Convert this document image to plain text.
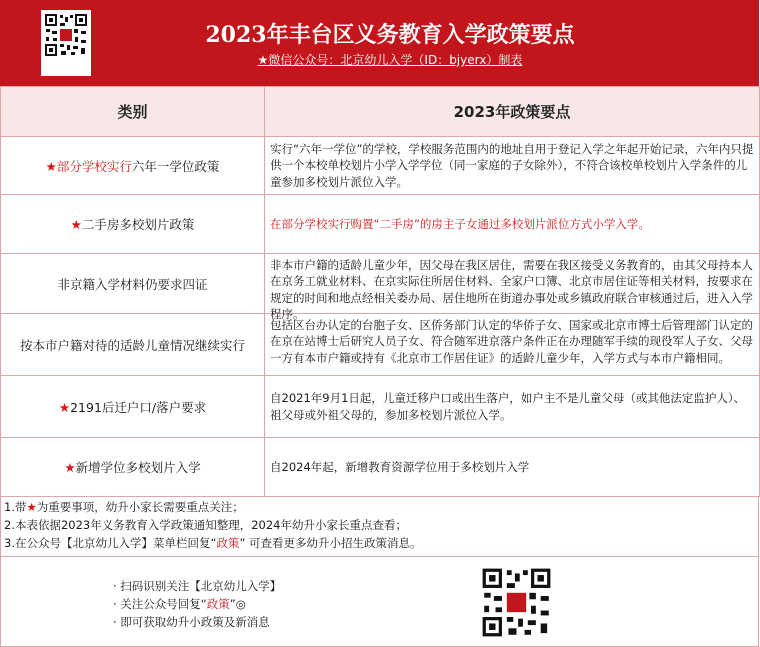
2023年丰台区义务教育入学政策要点
★微信公众号：北京幼儿入学（ID：bjyerx）制表
类别	2023年政策要点
★部分学校实行六年一学位政策	实行“六年一学位”的学校，学校服务范围内的地址自用于登记入学之年起开始记录，六年内只提供一个本校单校划片小学入学学位（同一家庭的子女除外），不符合该校单校划片入学条件的儿童参加多校划片派位入学。
★二手房多校划片政策	在部分学校实行购置“二手房”的房主子女通过多校划片派位方式小学入学。
非京籍入学材料仍要求四证	非本市户籍的适龄儿童少年，因父母在我区居住，需要在我区接受义务教育的，由其父母持本人在京务工就业材料、在京实际住所居住材料、全家户口簿、北京市居住证等相关材料，按要求在规定的时间和地点经相关委办局、居住地所在街道办事处或乡镇政府联合审核通过后，进入入学程序。

按本市户籍对待的适龄儿童情况继续实行	包括区台办认定的台胞子女、区侨务部门认定的华侨子女、国家或北京市博士后管理部门认定的在京在站博士后研究人员子女、符合随军进京落户条件正在办理随军手续的现役军人子女、父母一方有本市户籍或持有《北京市工作居住证》的适龄儿童少年，入学方式与本市户籍相同。

★2191后迁户口/落户要求	自2021年9月1日起，儿童迁移户口或出生落户，如户主不是儿童父母（或其他法定监护人）、祖父母或外祖父母的，参加多校划片派位入学。
★新增学位多校划片入学	自2024年起，新增教育资源学位用于多校划片入学
1.带★为重要事项，幼升小家长需要重点关注；
2.本表依据2023年义务教育入学政策通知整理，2024年幼升小家长重点查看；
3.在公众号【北京幼儿入学】菜单栏回复“政策” 可查看更多幼升小招生政策消息。
· 扫码识别关注【北京幼儿入学】
· 关注公众号回复“政策”◎
· 即可获取幼升小政策及新消息
